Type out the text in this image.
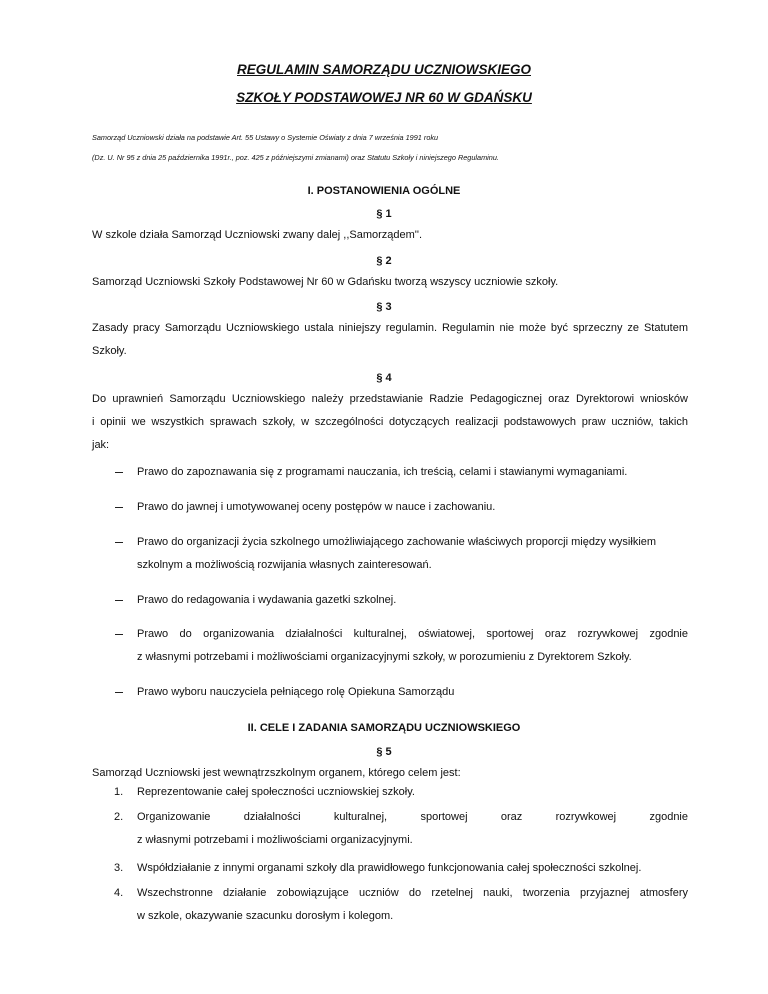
REGULAMIN SAMORZĄDU UCZNIOWSKIEGO
SZKOŁY PODSTAWOWEJ NR 60 W GDAŃSKU
Samorząd Uczniowski działa na podstawie Art. 55 Ustawy o Systemie Oświaty z dnia 7 września 1991 roku
(Dz. U. Nr 95 z dnia 25 października 1991r., poz. 425 z późniejszymi zmianami) oraz Statutu Szkoły i niniejszego Regulaminu.
I. POSTANOWIENIA OGÓLNE
§ 1
W szkole działa Samorząd Uczniowski zwany dalej ,,Samorządem''.
§ 2
Samorząd Uczniowski Szkoły Podstawowej Nr 60 w Gdańsku tworzą wszyscy uczniowie szkoły.
§ 3
Zasady pracy Samorządu Uczniowskiego ustala niniejszy regulamin. Regulamin nie może być sprzeczny ze Statutem
Szkoły.
§ 4
Do uprawnień Samorządu Uczniowskiego należy przedstawianie Radzie Pedagogicznej oraz Dyrektorowi wniosków
i opinii we wszystkich sprawach szkoły, w szczególności dotyczących realizacji podstawowych praw uczniów, takich
jak:
Prawo do zapoznawania się z programami nauczania, ich treścią, celami i stawianymi wymaganiami.
Prawo do jawnej i umotywowanej oceny postępów w nauce i zachowaniu.
Prawo do organizacji życia szkolnego umożliwiającego zachowanie właściwych proporcji między wysiłkiem
szkolnym a możliwością rozwijania własnych zainteresowań.
Prawo do redagowania i wydawania gazetki szkolnej.
Prawo do organizowania działalności kulturalnej, oświatowej, sportowej oraz rozrywkowej zgodnie
z własnymi potrzebami i możliwościami organizacyjnymi szkoły, w porozumieniu z Dyrektorem Szkoły.
Prawo wyboru nauczyciela pełniącego rolę Opiekuna Samorządu
II. CELE I ZADANIA SAMORZĄDU UCZNIOWSKIEGO
§ 5
Samorząd Uczniowski jest wewnątrzszkolnym organem, którego celem jest:
1. Reprezentowanie całej społeczności uczniowskiej szkoły.
2. Organizowanie działalności kulturalnej, sportowej oraz rozrywkowej zgodnie
z własnymi potrzebami i możliwościami organizacyjnymi.
3. Współdziałanie z innymi organami szkoły dla prawidłowego funkcjonowania całej społeczności szkolnej.
4. Wszechstronne działanie zobowiązujące uczniów do rzetelnej nauki, tworzenia przyjaznej atmosfery
w szkole, okazywanie szacunku dorosłym i kolegom.
